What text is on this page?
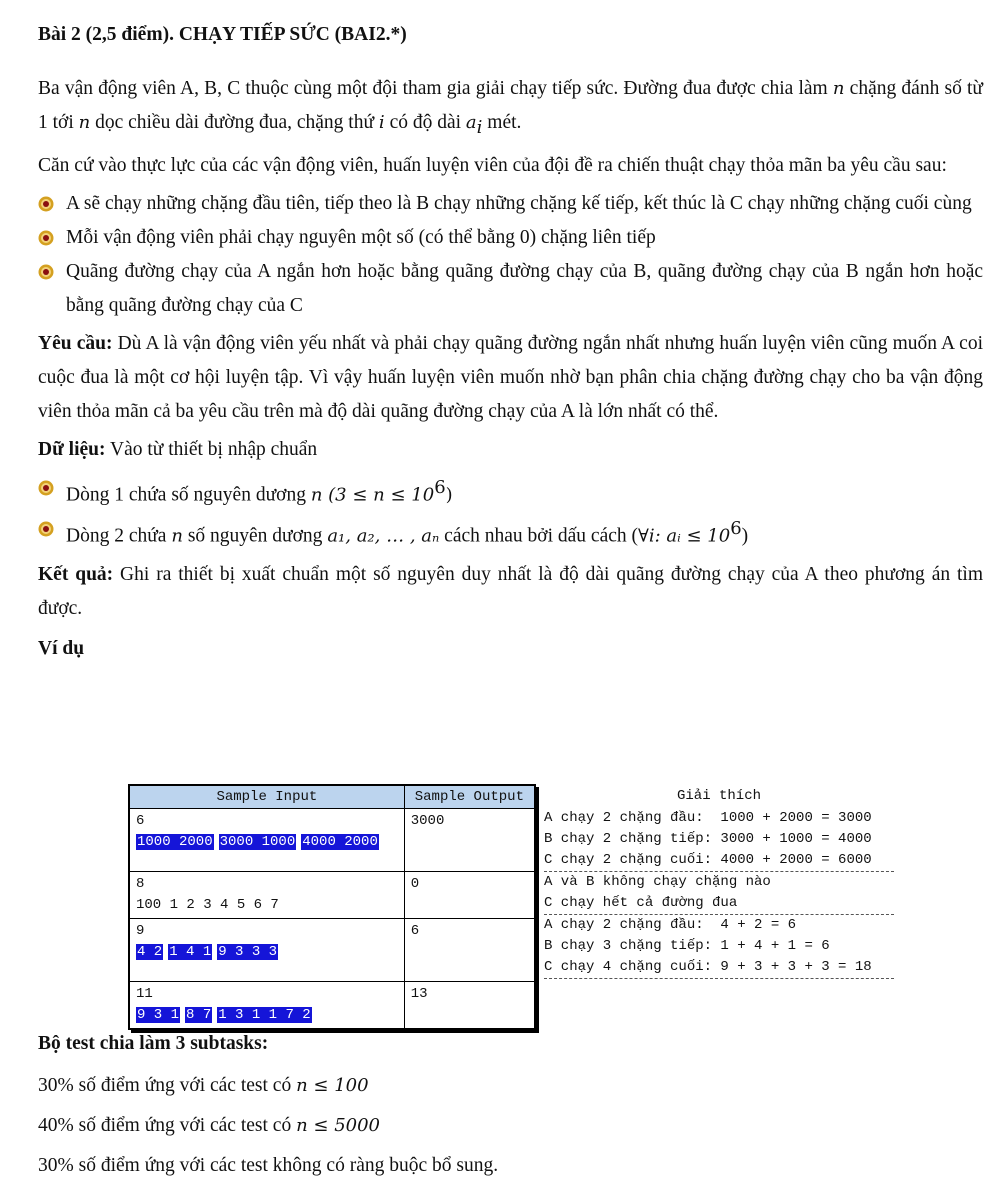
Bài 2 (2,5 điểm). CHẠY TIẾP SỨC (BAI2.*)
Ba vận động viên A, B, C thuộc cùng một đội tham gia giải chạy tiếp sức. Đường đua được chia làm n chặng đánh số từ 1 tới n dọc chiều dài đường đua, chặng thứ i có độ dài $a_i$ mét.
Căn cứ vào thực lực của các vận động viên, huấn luyện viên của đội đề ra chiến thuật chạy thỏa mãn ba yêu cầu sau:
A sẽ chạy những chặng đầu tiên, tiếp theo là B chạy những chặng kế tiếp, kết thúc là C chạy những chặng cuối cùng
Mỗi vận động viên phải chạy nguyên một số (có thể bằng 0) chặng liên tiếp
Quãng đường chạy của A ngắn hơn hoặc bằng quãng đường chạy của B, quãng đường chạy của B ngắn hơn hoặc bằng quãng đường chạy của C
Yêu cầu: Dù A là vận động viên yếu nhất và phải chạy quãng đường ngắn nhất nhưng huấn luyện viên cũng muốn A coi cuộc đua là một cơ hội luyện tập. Vì vậy huấn luyện viên muốn nhờ bạn phân chia chặng đường chạy cho ba vận động viên thỏa mãn cả ba yêu cầu trên mà độ dài quãng đường chạy của A là lớn nhất có thể.
Dữ liệu: Vào từ thiết bị nhập chuẩn
Dòng 1 chứa số nguyên dương n $(3 \le n \le 10^6)$
Dòng 2 chứa n số nguyên dương a₁, a₂, … , aₙ cách nhau bởi dấu cách (∀i: aᵢ ≤ $10^6$)
Kết quả: Ghi ra thiết bị xuất chuẩn một số nguyên duy nhất là độ dài quãng đường chạy của A theo phương án tìm được.
Ví dụ
Sample Input	Sample Output

6
1000 2000 3000 1000 4000 2000	3000

8
100 1 2 3 4 5 6 7	0

9
4 2 1 4 1 9 3 3 3	6

11
9 3 1 8 7 1 3 1 1 7 2	13
Giải thích
A chạy 2 chặng đầu:  1000 + 2000 = 3000
B chạy 2 chặng tiếp: 3000 + 1000 = 4000
C chạy 2 chặng cuối: 4000 + 2000 = 6000
A và B không chạy chặng nào
C chạy hết cả đường đua
A chạy 2 chặng đầu:  4 + 2 = 6
B chạy 3 chặng tiếp: 1 + 4 + 1 = 6
C chạy 4 chặng cuối: 9 + 3 + 3 + 3 = 18
Bộ test chia làm 3 subtasks:
30% số điểm ứng với các test có n ≤ 100
40% số điểm ứng với các test có n ≤ 5000
30% số điểm ứng với các test không có ràng buộc bổ sung.
